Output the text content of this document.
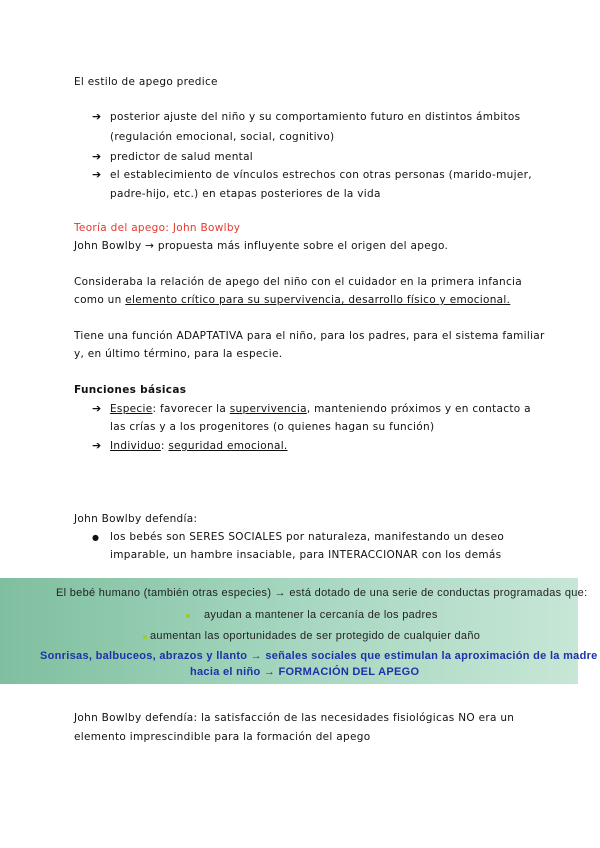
El estilo de apego predice
➔ posterior ajuste del niño y su comportamiento futuro en distintos ámbitos
(regulación emocional, social, cognitivo)
➔ predictor de salud mental
➔ el establecimiento de vínculos estrechos con otras personas (marido-mujer,
padre-hijo, etc.) en etapas posteriores de la vida
Teoría del apego: John Bowlby
John Bowlby → propuesta más influyente sobre el origen del apego.
Consideraba la relación de apego del niño con el cuidador en la primera infancia
como un elemento crítico para su supervivencia, desarrollo físico y emocional.
Tiene una función ADAPTATIVA para el niño, para los padres, para el sistema familiar
y, en último término, para la especie.
Funciones básicas
➔ Especie: favorecer la supervivencia, manteniendo próximos y en contacto a
las crías y a los progenitores (o quienes hagan su función)
➔ Individuo: seguridad emocional.
John Bowlby defendía:
● los bebés son SERES SOCIALES por naturaleza, manifestando un deseo
imparable, un hambre insaciable, para INTERACCIONAR con los demás
El bebé humano (también otras especies) → está dotado de una serie de conductas programadas que:
ayudan a mantener la cercanía de los padres
aumentan las oportunidades de ser protegido de cualquier daño
Sonrisas, balbuceos, abrazos y llanto → señales sociales que estimulan la aproximación de la madre
hacia el niño → FORMACIÓN DEL APEGO
John Bowlby defendía: la satisfacción de las necesidades fisiológicas NO era un
elemento imprescindible para la formación del apego
